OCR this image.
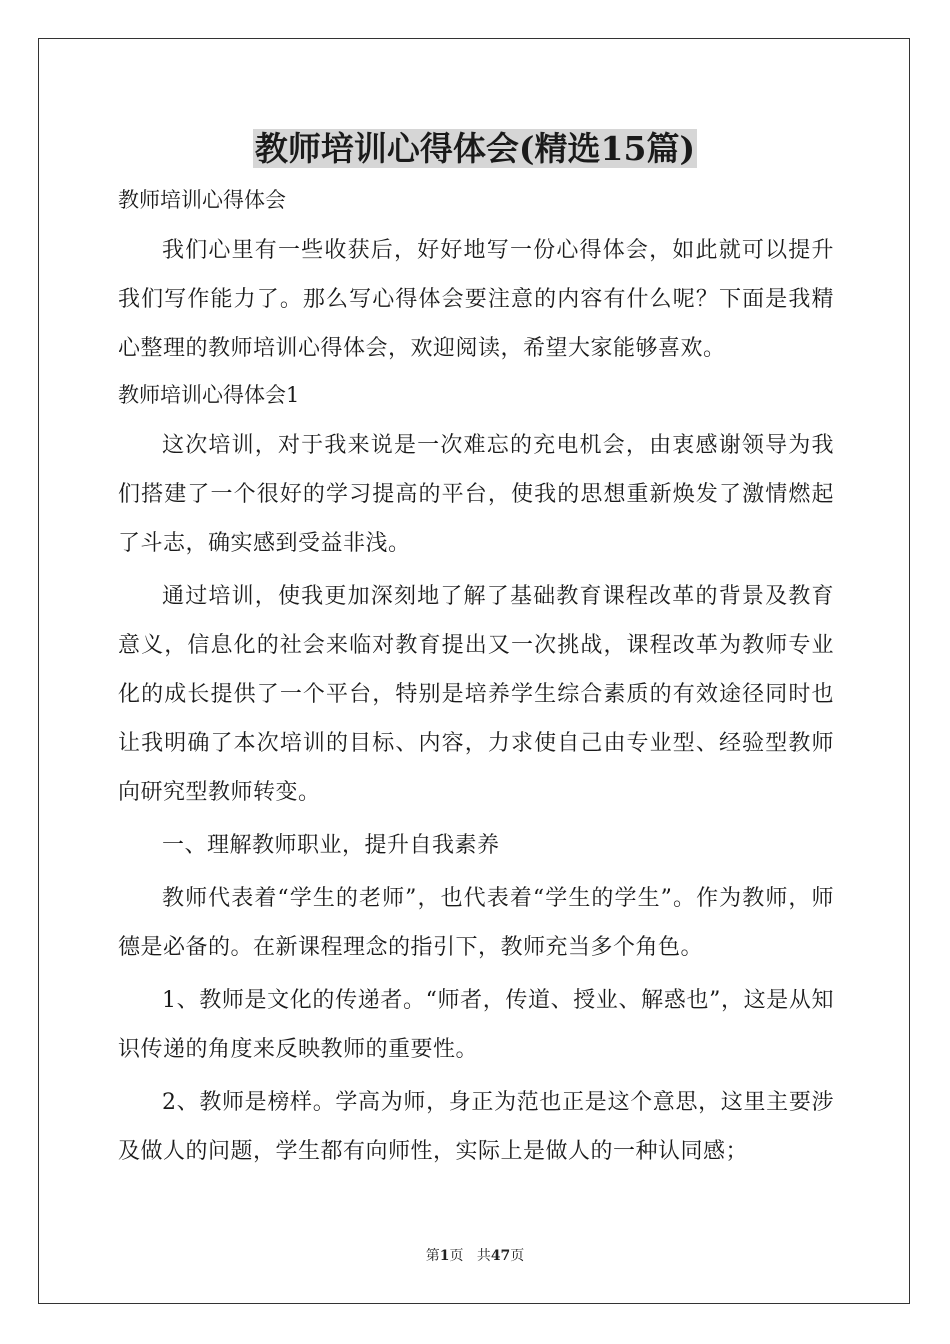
教师培训心得体会(精选15篇)

教师培训心得体会

我们心里有一些收获后，好好地写一份心得体会，如此就可以提升我们写作能力了。那么写心得体会要注意的内容有什么呢？下面是我精心整理的教师培训心得体会，欢迎阅读，希望大家能够喜欢。

教师培训心得体会1

这次培训，对于我来说是一次难忘的充电机会，由衷感谢领导为我们搭建了一个很好的学习提高的平台，使我的思想重新焕发了激情燃起了斗志，确实感到受益非浅。

通过培训，使我更加深刻地了解了基础教育课程改革的背景及教育意义，信息化的社会来临对教育提出又一次挑战，课程改革为教师专业化的成长提供了一个平台，特别是培养学生综合素质的有效途径同时也让我明确了本次培训的目标、内容，力求使自己由专业型、经验型教师向研究型教师转变。

一、理解教师职业，提升自我素养

教师代表着“学生的老师”，也代表着“学生的学生”。作为教师，师德是必备的。在新课程理念的指引下，教师充当多个角色。

1、教师是文化的传递者。“师者，传道、授业、解惑也”，这是从知识传递的角度来反映教师的重要性。

2、教师是榜样。学高为师，身正为范也正是这个意思，这里主要涉及做人的问题，学生都有向师性，实际上是做人的一种认同感；

第1页 共47页
